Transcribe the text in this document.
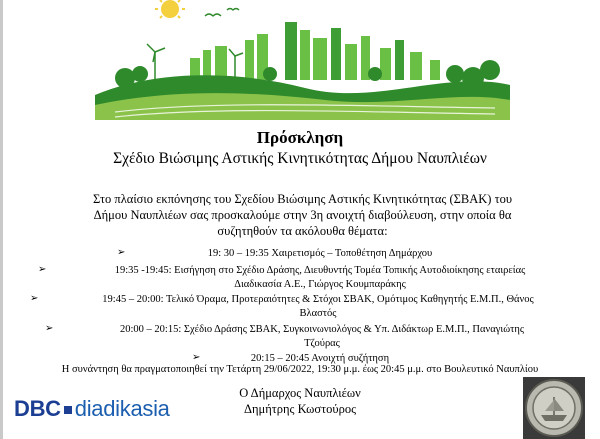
Πρόσκληση
Σχέδιο Βιώσιμης Αστικής Κινητικότητας Δήμου Ναυπλιέων
Στο πλαίσιο εκπόνησης του Σχεδίου Βιώσιμης Αστικής Κινητικότητας (ΣΒΑΚ) του
Δήμου Ναυπλιέων σας προσκαλούμε στην 3η ανοιχτή διαβούλευση, στην οποία θα
συζητηθούν τα ακόλουθα θέματα:
➢	19: 30 – 19:35 Χαιρετισμός – Τοποθέτηση Δημάρχου
➢	19:35 -19:45: Εισήγηση στο Σχέδιο Δράσης, Διευθυντής Τομέα Τοπικής Αυτοδιοίκησης εταιρείας
Διαδικασία Α.Ε., Γιώργος Κουμπαράκης
➢	19:45 – 20:00: Τελικό Όραμα, Προτεραιότητες & Στόχοι ΣΒΑΚ, Ομότιμος Καθηγητής Ε.Μ.Π., Θάνος
Βλαστός
➢	20:00 – 20:15: Σχέδιο Δράσης ΣΒΑΚ, Συγκοινωνιολόγος & Υπ. Διδάκτωρ Ε.Μ.Π., Παναγιώτης
Τζούρας
➢	20:15 – 20:45 Ανοιχτή συζήτηση
Η συνάντηση θα πραγματοποιηθεί την Τετάρτη 29/06/2022, 19:30 μ.μ. έως 20:45 μ.μ. στο Βουλευτικό Ναυπλίου
Ο Δήμαρχος Ναυπλιέων
Δημήτρης Κωστούρος
DBC diadikasia
